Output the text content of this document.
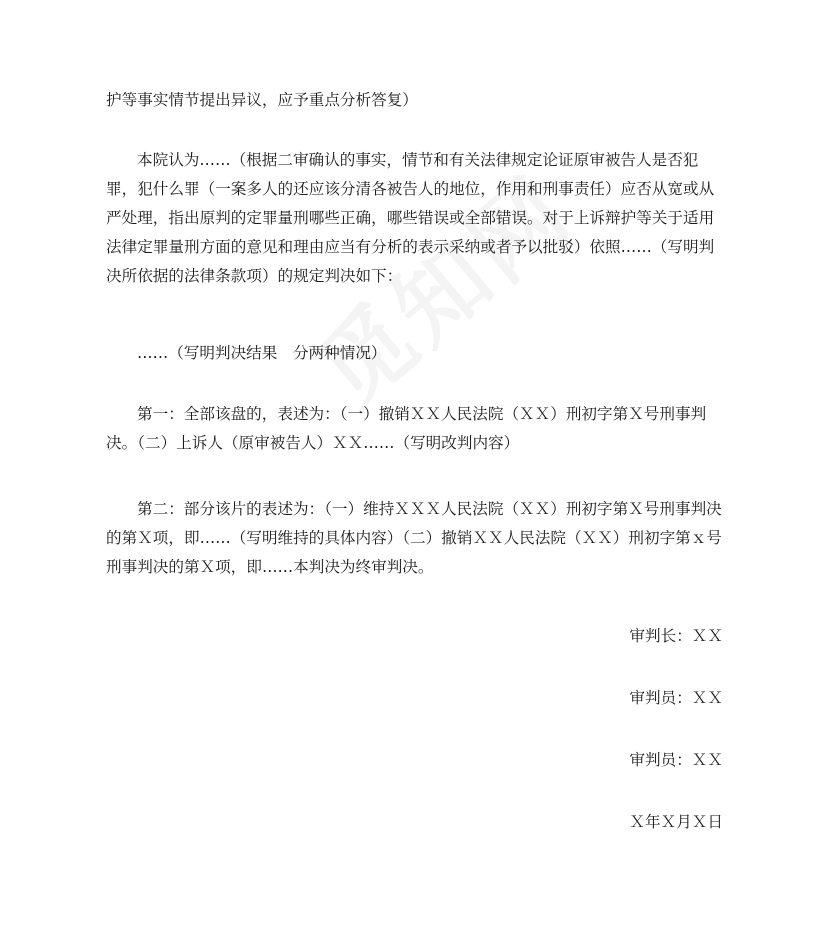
护等事实情节提出异议，应予重点分析答复）

本院认为……（根据二审确认的事实，情节和有关法律规定论证原审被告人是否犯罪，犯什么罪（一案多人的还应该分清各被告人的地位，作用和刑事责任）应否从宽或从严处理，指出原判的定罪量刑哪些正确，哪些错误或全部错误。对于上诉辩护等关于适用法律定罪量刑方面的意见和理由应当有分析的表示采纳或者予以批驳）依照……（写明判决所依据的法律条款项）的规定判决如下：

……（写明判决结果　分两种情况）

第一：全部该盘的，表述为：（一）撤销ＸＸ人民法院（ＸＸ）刑初字第Ｘ号刑事判决。（二）上诉人（原审被告人）ＸＸ……（写明改判内容）

第二：部分该片的表述为：（一）维持ＸＸＸ人民法院（ＸＸ）刑初字第Ｘ号刑事判决的第Ｘ项，即……（写明维持的具体内容）（二）撤销ＸＸ人民法院（ＸＸ）刑初字第ｘ号刑事判决的第Ｘ项，即……本判决为终审判决。

审判长：ＸＸ

审判员：ＸＸ

审判员：ＸＸ

Ｘ年Ｘ月Ｘ日
